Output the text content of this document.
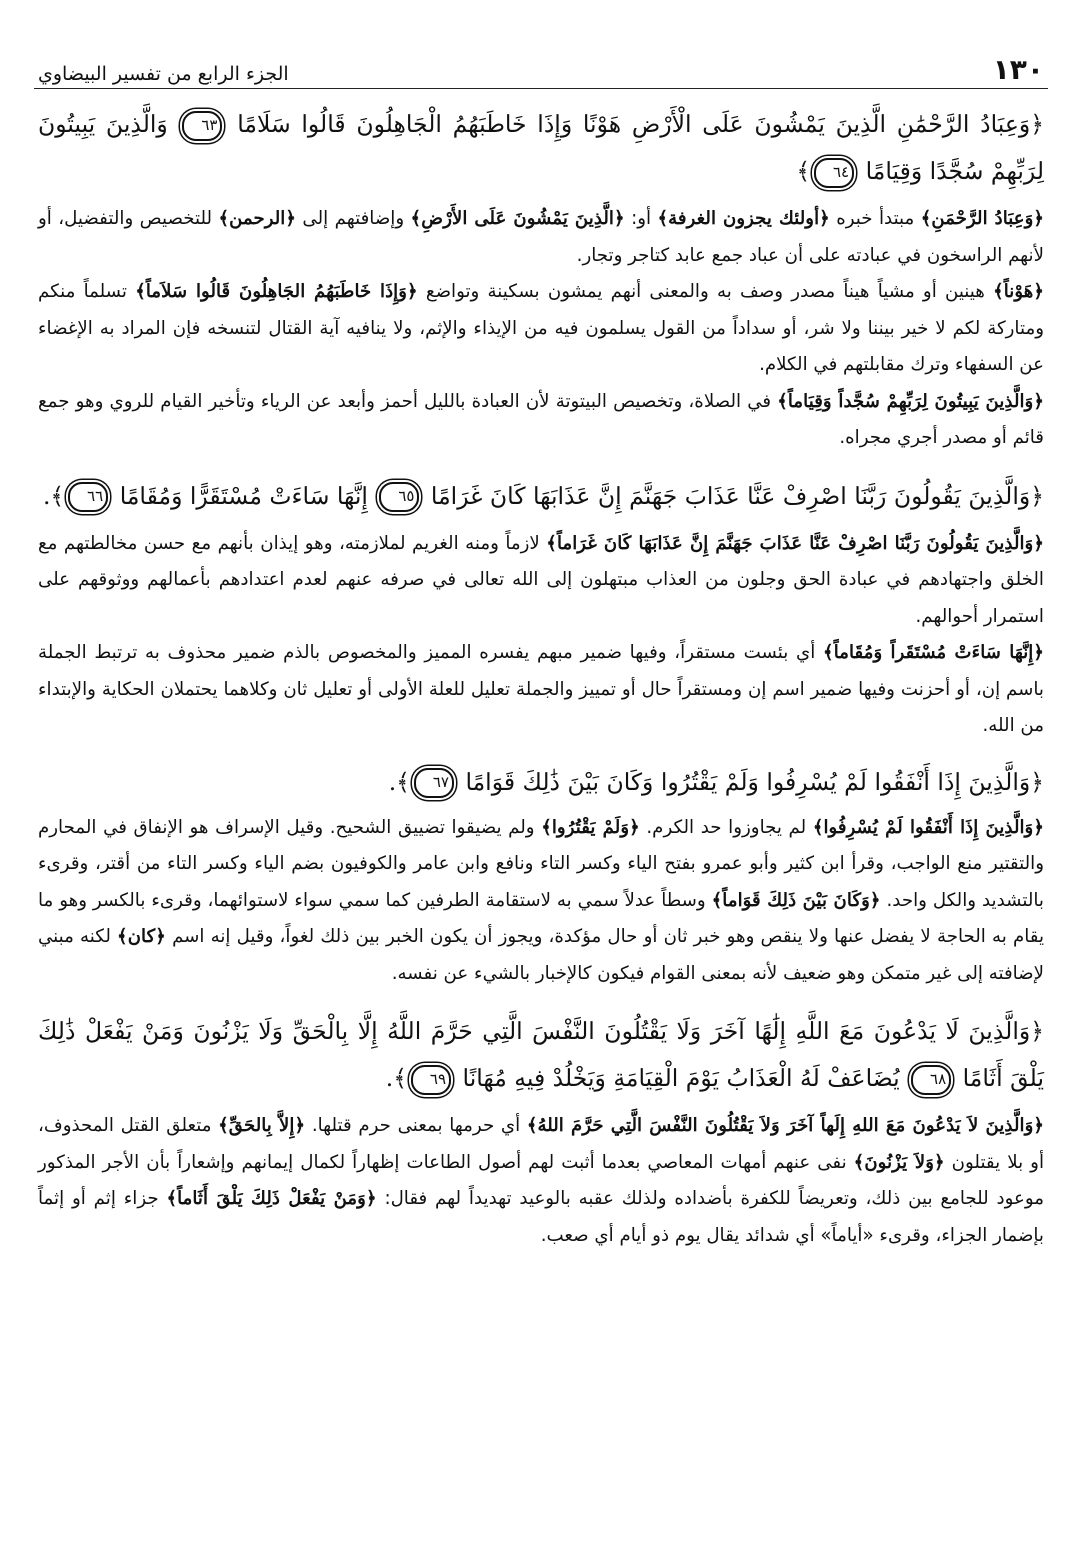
١٣٠
الجزء الرابع من تفسير البيضاوي

﴿وَعِبَادُ الرَّحْمَٰنِ الَّذِينَ يَمْشُونَ عَلَى الْأَرْضِ هَوْنًا وَإِذَا خَاطَبَهُمُ الْجَاهِلُونَ قَالُوا سَلَامًا ٦٣ وَالَّذِينَ يَبِيتُونَ لِرَبِّهِمْ سُجَّدًا وَقِيَامًا ٦٤﴾

﴿وَعِبَادُ الرَّحْمَنِ﴾ مبتدأ خبره ﴿أولئك يجزون الغرفة﴾ أو: ﴿الَّذِينَ يَمْشُونَ عَلَى الأَرْضِ﴾ وإضافتهم إلى ﴿الرحمن﴾ للتخصيص والتفضيل، أو لأنهم الراسخون في عبادته على أن عباد جمع عابد كتاجر وتجار.

﴿هَوْناً﴾ هينين أو مشياً هيناً مصدر وصف به والمعنى أنهم يمشون بسكينة وتواضع ﴿وَإِذَا خَاطَبَهُمُ الجَاهِلُونَ قَالُوا سَلاَماً﴾ تسلماً منكم ومتاركة لكم لا خير بيننا ولا شر، أو سداداً من القول يسلمون فيه من الإيذاء والإثم، ولا ينافيه آية القتال لتنسخه فإن المراد به الإغضاء عن السفهاء وترك مقابلتهم في الكلام.

﴿وَالَّذِينَ يَبِيتُونَ لِرَبِّهِمْ سُجَّداً وَقِيَاماً﴾ في الصلاة، وتخصيص البيتوتة لأن العبادة بالليل أحمز وأبعد عن الرياء وتأخير القيام للروي وهو جمع قائم أو مصدر أجري مجراه.

﴿وَالَّذِينَ يَقُولُونَ رَبَّنَا اصْرِفْ عَنَّا عَذَابَ جَهَنَّمَ إِنَّ عَذَابَهَا كَانَ غَرَامًا ٦٥ إِنَّهَا سَاءَتْ مُسْتَقَرًّا وَمُقَامًا ٦٦﴾.

﴿وَالَّذِينَ يَقُولُونَ رَبَّنَا اصْرِفْ عَنَّا عَذَابَ جَهَنَّمَ إِنَّ عَذَابَهَا كَانَ غَرَاماً﴾ لازماً ومنه الغريم لملازمته، وهو إيذان بأنهم مع حسن مخالطتهم مع الخلق واجتهادهم في عبادة الحق وجلون من العذاب مبتهلون إلى الله تعالى في صرفه عنهم لعدم اعتدادهم بأعمالهم ووثوقهم على استمرار أحوالهم.

﴿إِنَّهَا سَاءَتْ مُسْتَقَراً وَمُقَاماً﴾ أي بئست مستقراً، وفيها ضمير مبهم يفسره المميز والمخصوص بالذم ضمير محذوف به ترتبط الجملة باسم إن، أو أحزنت وفيها ضمير اسم إن ومستقراً حال أو تمييز والجملة تعليل للعلة الأولى أو تعليل ثان وكلاهما يحتملان الحكاية والإبتداء من الله.

﴿وَالَّذِينَ إِذَا أَنْفَقُوا لَمْ يُسْرِفُوا وَلَمْ يَقْتُرُوا وَكَانَ بَيْنَ ذَٰلِكَ قَوَامًا ٦٧﴾.

﴿وَالَّذِينَ إِذَا أَنْفَقُوا لَمْ يُسْرِفُوا﴾ لم يجاوزوا حد الكرم. ﴿وَلَمْ يَقْتُرُوا﴾ ولم يضيقوا تضييق الشحيح. وقيل الإسراف هو الإنفاق في المحارم والتقتير منع الواجب، وقرأ ابن كثير وأبو عمرو بفتح الياء وكسر التاء ونافع وابن عامر والكوفيون بضم الياء وكسر التاء من أقتر، وقرىء بالتشديد والكل واحد. ﴿وَكَانَ بَيْنَ ذَلِكَ قَوَاماً﴾ وسطاً عدلاً سمي به لاستقامة الطرفين كما سمي سواء لاستوائهما، وقرىء بالكسر وهو ما يقام به الحاجة لا يفضل عنها ولا ينقص وهو خبر ثان أو حال مؤكدة، ويجوز أن يكون الخبر بين ذلك لغواً، وقيل إنه اسم ﴿كان﴾ لكنه مبني لإضافته إلى غير متمكن وهو ضعيف لأنه بمعنى القوام فيكون كالإخبار بالشيء عن نفسه.

﴿وَالَّذِينَ لَا يَدْعُونَ مَعَ اللَّهِ إِلَٰهًا آخَرَ وَلَا يَقْتُلُونَ النَّفْسَ الَّتِي حَرَّمَ اللَّهُ إِلَّا بِالْحَقِّ وَلَا يَزْنُونَ وَمَنْ يَفْعَلْ ذَٰلِكَ يَلْقَ أَثَامًا ٦٨ يُضَاعَفْ لَهُ الْعَذَابُ يَوْمَ الْقِيَامَةِ وَيَخْلُدْ فِيهِ مُهَانًا ٦٩﴾.

﴿وَالَّذِينَ لاَ يَدْعُونَ مَعَ اللهِ إِلَهاً آخَرَ وَلاَ يَقْتُلُونَ النَّفْسَ الَّتِي حَرَّمَ اللهُ﴾ أي حرمها بمعنى حرم قتلها. ﴿إِلاَّ بِالحَقِّ﴾ متعلق القتل المحذوف، أو بلا يقتلون ﴿وَلاَ يَزْنُونَ﴾ نفى عنهم أمهات المعاصي بعدما أثبت لهم أصول الطاعات إظهاراً لكمال إيمانهم وإشعاراً بأن الأجر المذكور موعود للجامع بين ذلك، وتعريضاً للكفرة بأضداده ولذلك عقبه بالوعيد تهديداً لهم فقال: ﴿وَمَنْ يَفْعَلْ ذَلِكَ يَلْقَ أَثَاماً﴾ جزاء إثم أو إثماً بإضمار الجزاء، وقرىء «أياماً» أي شدائد يقال يوم ذو أيام أي صعب.
